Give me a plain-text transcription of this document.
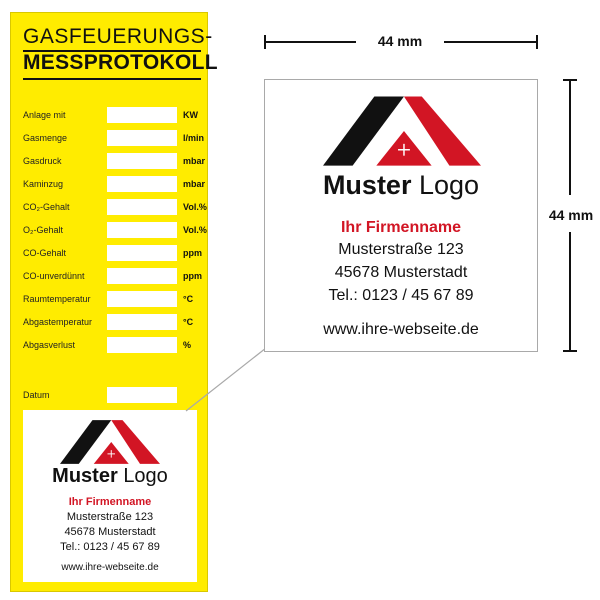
GASFEUERUNGS-
MESSPROTOKOLL
Anlage mit	KW
Gasmenge	l/min
Gasdruck	mbar
Kaminzug	mbar
CO₂-Gehalt	Vol.%
O₂-Gehalt	Vol.%
CO-Gehalt	ppm
CO-unverdünnt	ppm
Raumtemperatur	°C
Abgastemperatur	°C
Abgasverlust	%
Datum
Muster Logo
Ihr Firmenname
Musterstraße 123
45678 Musterstadt
Tel.: 0123 / 45 67 89
www.ihre-webseite.de
44 mm
Muster Logo
Ihr Firmenname
Musterstraße 123
45678 Musterstadt
Tel.: 0123 / 45 67 89
www.ihre-webseite.de
44 mm
